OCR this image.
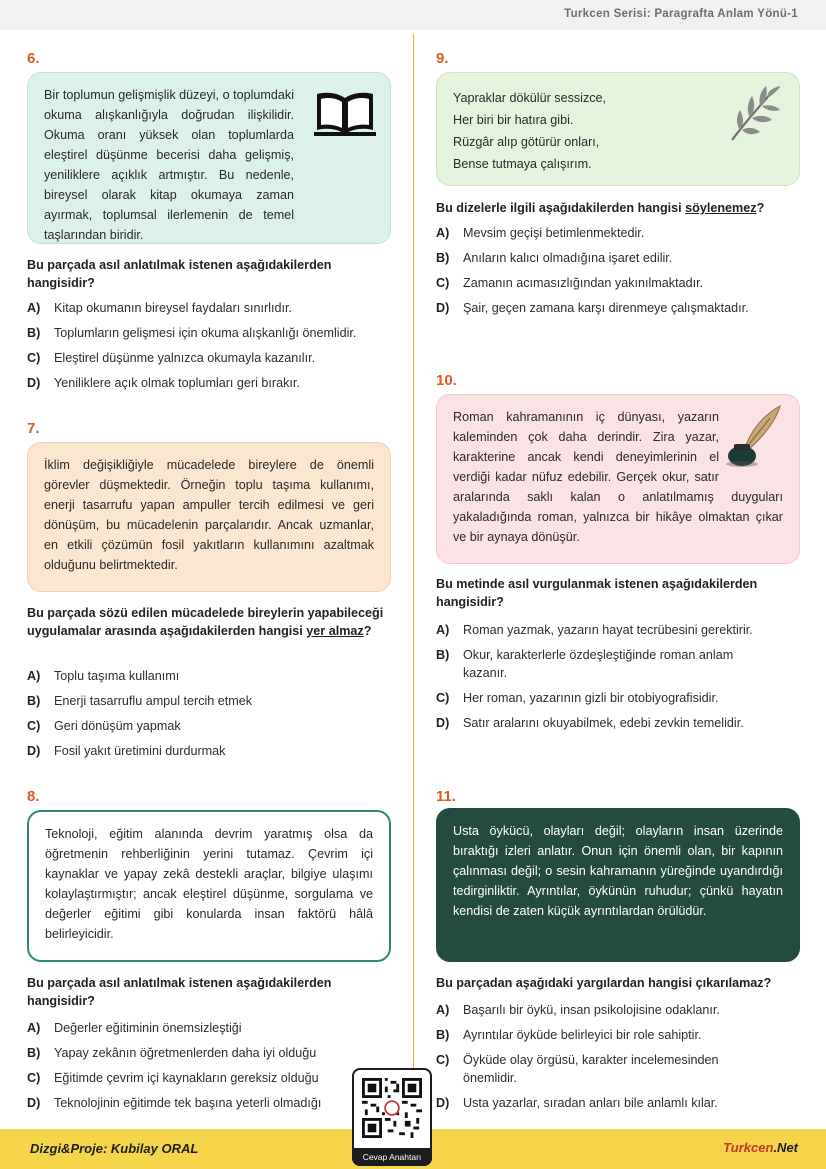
Turkcen Serisi: Paragrafta Anlam Yönü-1
6.

Bir toplumun gelişmişlik düzeyi, o toplumdaki okuma alışkanlığıyla doğrudan ilişkilidir. Okuma oranı yüksek olan toplumlarda eleştirel düşünme becerisi daha gelişmiş, yeniliklere açıklık artmıştır. Bu nedenle, bireysel olarak kitap okumaya zaman ayırmak, toplumsal ilerlemenin de temel taşlarından biridir.

Bu parçada asıl anlatılmak istenen aşağıdakilerden hangisidir?
A)	Kitap okumanın bireysel faydaları sınırlıdır.
B)	Toplumların gelişmesi için okuma alışkanlığı önemlidir.
C)	Eleştirel düşünme yalnızca okumayla kazanılır.
D)	Yeniliklere açık olmak toplumları geri bırakır.
7.

İklim değişikliğiyle mücadelede bireylere de önemli görevler düşmektedir. Örneğin toplu taşıma kullanımı, enerji tasarrufu yapan ampuller tercih edilmesi ve geri dönüşüm, bu mücadelenin parçalarıdır. Ancak uzmanlar, en etkili çözümün fosil yakıtların kullanımını azaltmak olduğunu belirtmektedir.

Bu parçada sözü edilen mücadelede bireylerin yapabileceği uygulamalar arasında aşağıdakilerden hangisi yer almaz?
A)	Toplu taşıma kullanımı
B)	Enerji tasarruflu ampul tercih etmek
C)	Geri dönüşüm yapmak
D)	Fosil yakıt üretimini durdurmak
8.

Teknoloji, eğitim alanında devrim yaratmış olsa da öğretmenin rehberliğinin yerini tutamaz. Çevrim içi kaynaklar ve yapay zekâ destekli araçlar, bilgiye ulaşımı kolaylaştırmıştır; ancak eleştirel düşünme, sorgulama ve değerler eğitimi gibi konularda insan faktörü hâlâ belirleyicidir.

Bu parçada asıl anlatılmak istenen aşağıdakilerden hangisidir?
A)	Değerler eğitiminin önemsizleştiği
B)	Yapay zekânın öğretmenlerden daha iyi olduğu
C)	Eğitimde çevrim içi kaynakların gereksiz olduğu
D)	Teknolojinin eğitimde tek başına yeterli olmadığı
9.
Yapraklar dökülür sessizce,
Her biri bir hatıra gibi.
Rüzgâr alıp götürür onları,
Bense tutmaya çalışırım.
Bu dizelerle ilgili aşağıdakilerden hangisi söylenemez?
A)	Mevsim geçişi betimlenmektedir.
B)	Anıların kalıcı olmadığına işaret edilir.
C)	Zamanın acımasızlığından yakınılmaktadır.
D)	Şair, geçen zamana karşı direnmeye çalışmaktadır.
10.

Roman kahramanının iç dünyası, yazarın kaleminden çok daha derindir. Zira yazar, karakterine ancak kendi deneyimlerinin el verdiği kadar nüfuz edebilir. Gerçek okur, satır aralarında saklı kalan o anlatılmamış duyguları yakaladığında roman, yalnızca bir hikâye olmaktan çıkar ve bir aynaya dönüşür.

Bu metinde asıl vurgulanmak istenen aşağıdakilerden hangisidir?
A)	Roman yazmak, yazarın hayat tecrübesini gerektirir.
B)	Okur, karakterlerle özdeşleştiğinde roman anlam kazanır.
C)	Her roman, yazarının gizli bir otobiyografisidir.
D)	Satır aralarını okuyabilmek, edebi zevkin temelidir.
11.

Usta öykücü, olayları değil; olayların insan üzerinde bıraktığı izleri anlatır. Onun için önemli olan, bir kapının çalınması değil; o sesin kahramanın yüreğinde uyandırdığı tedirginliktir. Ayrıntılar, öykünün ruhudur; çünkü hayatın kendisi de zaten küçük ayrıntılardan örülüdür.

Bu parçadan aşağıdaki yargılardan hangisi çıkarılamaz?
A)	Başarılı bir öykü, insan psikolojisine odaklanır.
B)	Ayrıntılar öyküde belirleyici bir role sahiptir.
C)	Öyküde olay örgüsü, karakter incelemesinden önemlidir.
D)	Usta yazarlar, sıradan anları bile anlamlı kılar.
Dizgi&Proje: Kubilay ORAL	Turkcen.Net
Cevap Anahtarı
